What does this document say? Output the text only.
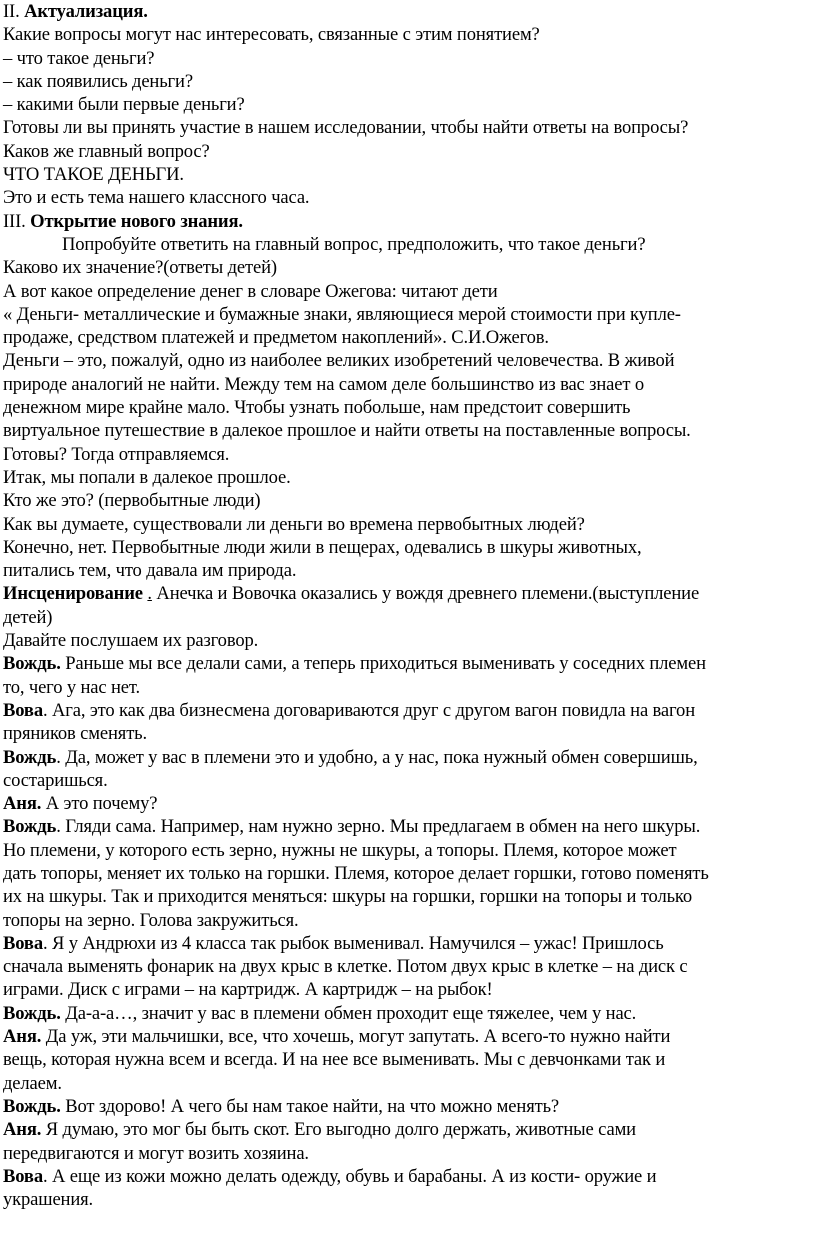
II. Актуализация.
Какие вопросы могут нас интересовать, связанные с этим понятием?
– что такое деньги?
– как появились деньги?
– какими были первые деньги?
Готовы ли вы принять участие в нашем исследовании, чтобы найти ответы на вопросы?
Каков же главный вопрос?
ЧТО ТАКОЕ ДЕНЬГИ.
Это и есть тема нашего классного часа.
III. Открытие нового знания.
Попробуйте ответить на главный вопрос, предположить, что такое деньги?
Каково их значение?(ответы детей)
А вот какое определение денег в словаре Ожегова: читают дети
« Деньги- металлические и бумажные знаки, являющиеся мерой стоимости при купле-
продаже, средством платежей и предметом накоплений». С.И.Ожегов.
Деньги – это, пожалуй, одно из наиболее великих изобретений человечества. В живой
природе аналогий не найти. Между тем на самом деле большинство из вас знает о
денежном мире крайне мало. Чтобы узнать побольше, нам предстоит совершить
виртуальное путешествие в далекое прошлое и найти ответы на поставленные вопросы.
Готовы? Тогда отправляемся.
Итак, мы попали в далекое прошлое.
Кто же это? (первобытные люди)
Как вы думаете, существовали ли деньги во времена первобытных людей?
Конечно, нет. Первобытные люди жили в пещерах, одевались в шкуры животных,
питались тем, что давала им природа.
Инсценирование . Анечка и Вовочка оказались у вождя древнего племени.(выступление
детей)
Давайте послушаем их разговор.
Вождь. Раньше мы все делали сами, а теперь приходиться выменивать у соседних племен
то, чего у нас нет.
Вова. Ага, это как два бизнесмена договариваются друг с другом вагон повидла на вагон
пряников сменять.
Вождь. Да, может у вас в племени это и удобно, а у нас, пока нужный обмен совершишь,
состаришься.
Аня. А это почему?
Вождь. Гляди сама. Например, нам нужно зерно. Мы предлагаем в обмен на него шкуры.
Но племени, у которого есть зерно, нужны не шкуры, а топоры. Племя, которое может
дать топоры, меняет их только на горшки. Племя, которое делает горшки, готово поменять
их на шкуры. Так и приходится меняться: шкуры на горшки, горшки на топоры и только
топоры на зерно. Голова закружиться.
Вова. Я у Андрюхи из 4 класса так рыбок выменивал. Намучился – ужас! Пришлось
сначала выменять фонарик на двух крыс в клетке. Потом двух крыс в клетке – на диск с
играми. Диск с играми – на картридж. А картридж – на рыбок!
Вождь. Да-а-а…, значит у вас в племени обмен проходит еще тяжелее, чем у нас.
Аня. Да уж, эти мальчишки, все, что хочешь, могут запутать. А всего-то нужно найти
вещь, которая нужна всем и всегда. И на нее все выменивать. Мы с девчонками так и
делаем.
Вождь. Вот здорово! А чего бы нам такое найти, на что можно менять?
Аня. Я думаю, это мог бы быть скот. Его выгодно долго держать, животные сами
передвигаются и могут возить хозяина.
Вова. А еще из кожи можно делать одежду, обувь и барабаны. А из кости- оружие и
украшения.
